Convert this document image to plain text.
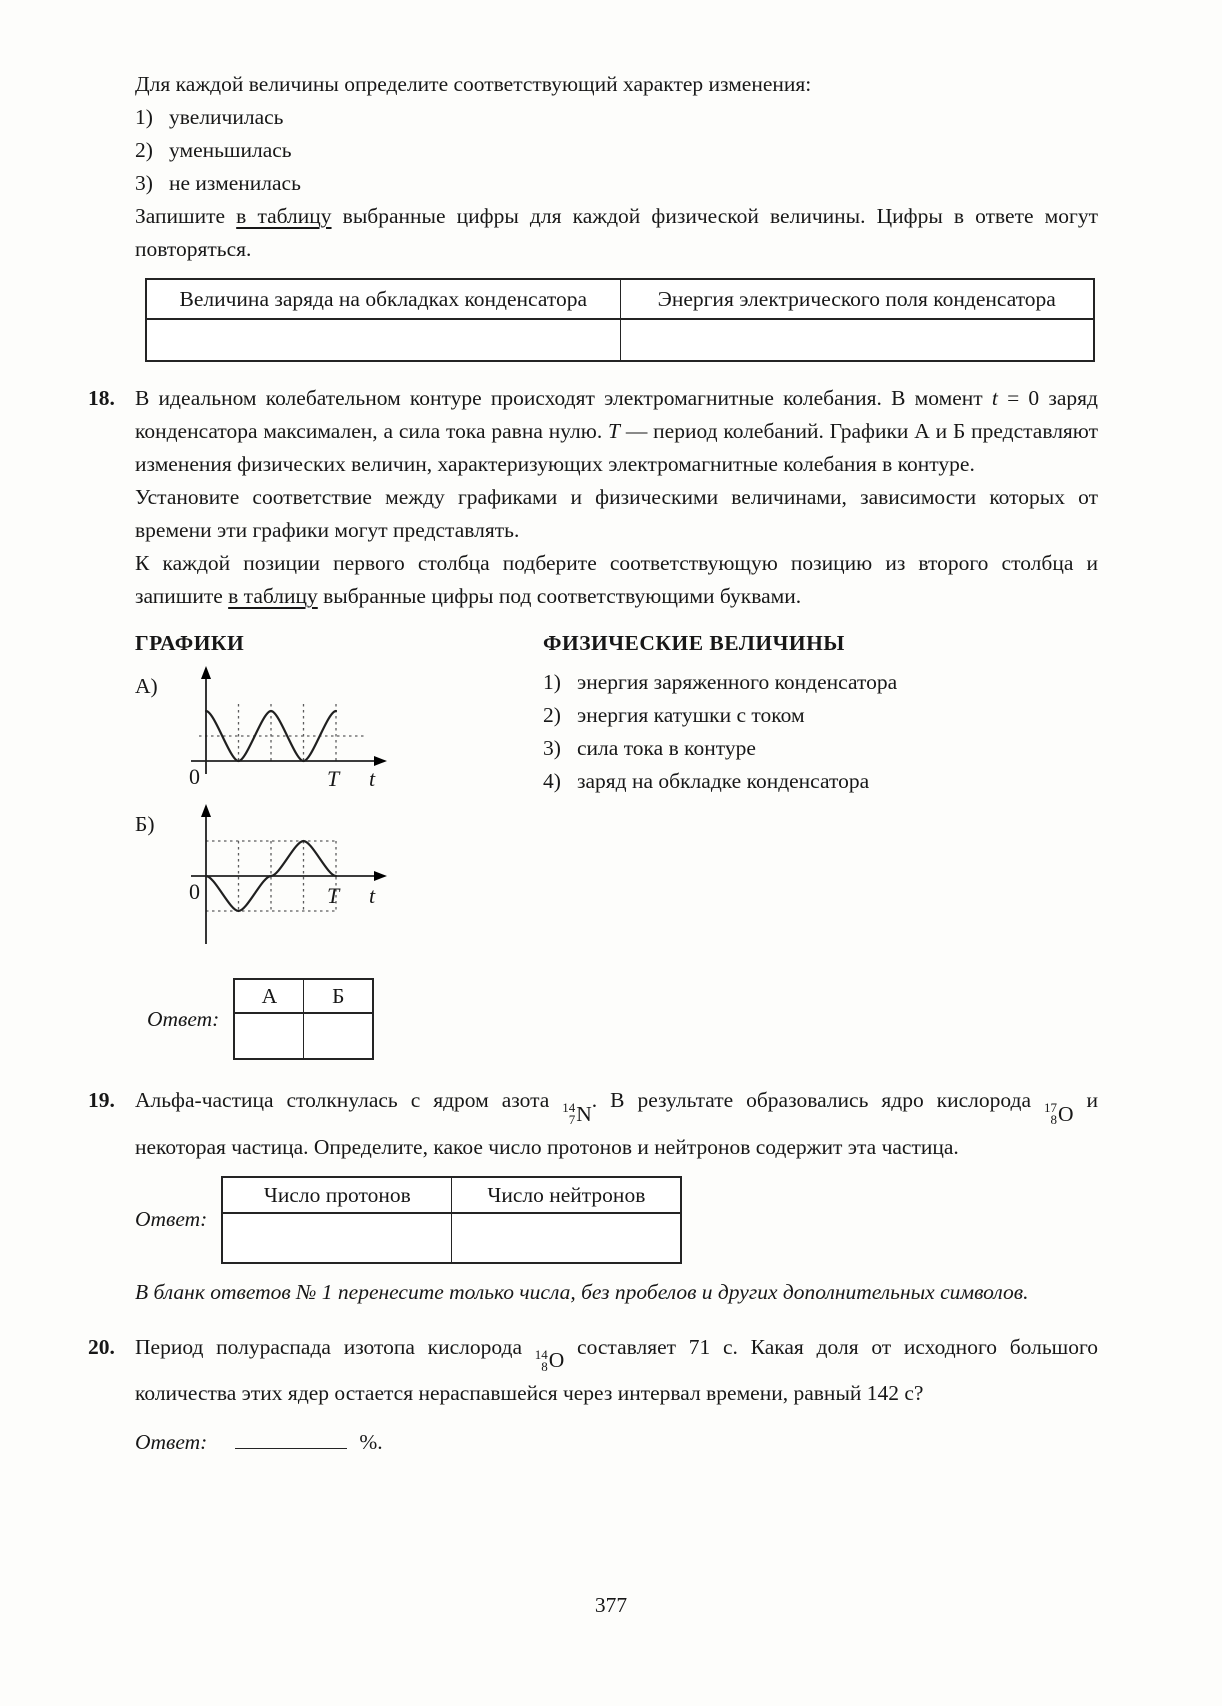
Для каждой величины определите соответствующий характер изменения:

1) увеличилась
2) уменьшилась
3) не изменилась

Запишите в таблицу выбранные цифры для каждой физической величины. Цифры в ответе могут повторяться.

Величина заряда на обкладках конденсатора	Энергия электрического поля конденсатора

18. В идеальном колебательном контуре происходят электромагнитные колебания. В момент t = 0 заряд конденсатора максимален, а сила тока равна нулю. T — период колебаний. Графики А и Б представляют изменения физических величин, характеризующих электромагнитные колебания в контуре.

Установите соответствие между графиками и физическими величинами, зависимости которых от времени эти графики могут представлять.

К каждой позиции первого столбца подберите соответствующую позицию из второго столбца и запишите в таблицу выбранные цифры под соответствующими буквами.

ГРАФИКИ
А)
0	T t
Б)
0	T t
ФИЗИЧЕСКИЕ ВЕЛИЧИНЫ
1) энергия заряженного конденсатора
2) энергия катушки с током
3) сила тока в контуре
4) заряд на обкладке конденсатора
Ответ:
А	Б

19. Альфа-частица столкнулась с ядром азота 14
7 N
. В результате образовались ядро кислорода 17
8 O
и некоторая частица. Определите, какое число протонов и нейтронов содержит эта частица.

Ответ:
Число протонов	Число нейтронов

В бланк ответов № 1 перенесите только числа, без пробелов и других дополнительных символов.

20. Период полураспада изотопа кислорода 14
8 O
составляет 71 с. Какая доля от исходного большого количества этих ядер остается нераспавшейся через интервал времени, равный 142 с?

Ответ:	%.

377
